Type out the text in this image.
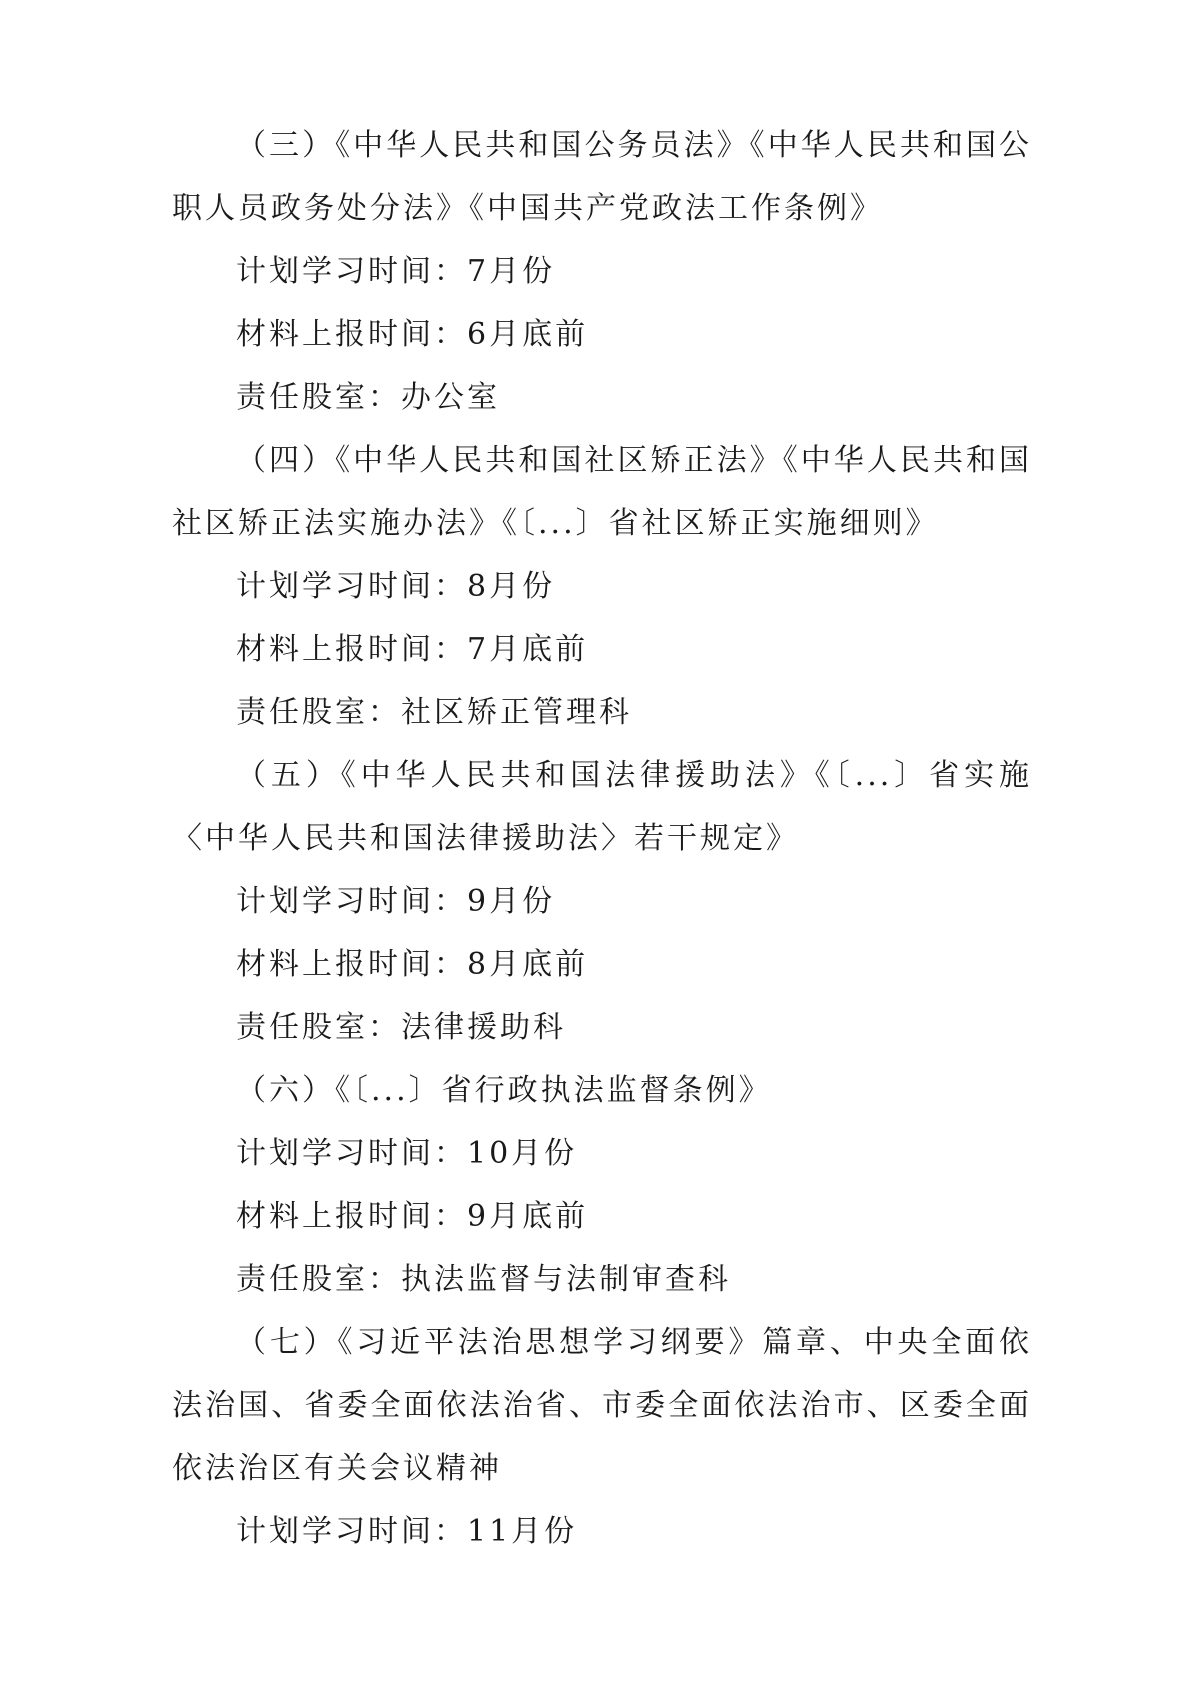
（三）《中华人民共和国公务员法》《中华人民共和国公职人员政务处分法》《中国共产党政法工作条例》

计划学习时间：7月份

材料上报时间：6月底前

责任股室：办公室

（四）《中华人民共和国社区矫正法》《中华人民共和国社区矫正法实施办法》《〔...〕省社区矫正实施细则》

计划学习时间：8月份

材料上报时间：7月底前

责任股室：社区矫正管理科

（五）《中华人民共和国法律援助法》《〔...〕省实施〈中华人民共和国法律援助法〉若干规定》

计划学习时间：9月份

材料上报时间：8月底前

责任股室：法律援助科

（六）《〔...〕省行政执法监督条例》

计划学习时间：10月份

材料上报时间：9月底前

责任股室：执法监督与法制审查科

（七）《习近平法治思想学习纲要》篇章、中央全面依法治国、省委全面依法治省、市委全面依法治市、区委全面依法治区有关会议精神

计划学习时间：11月份
